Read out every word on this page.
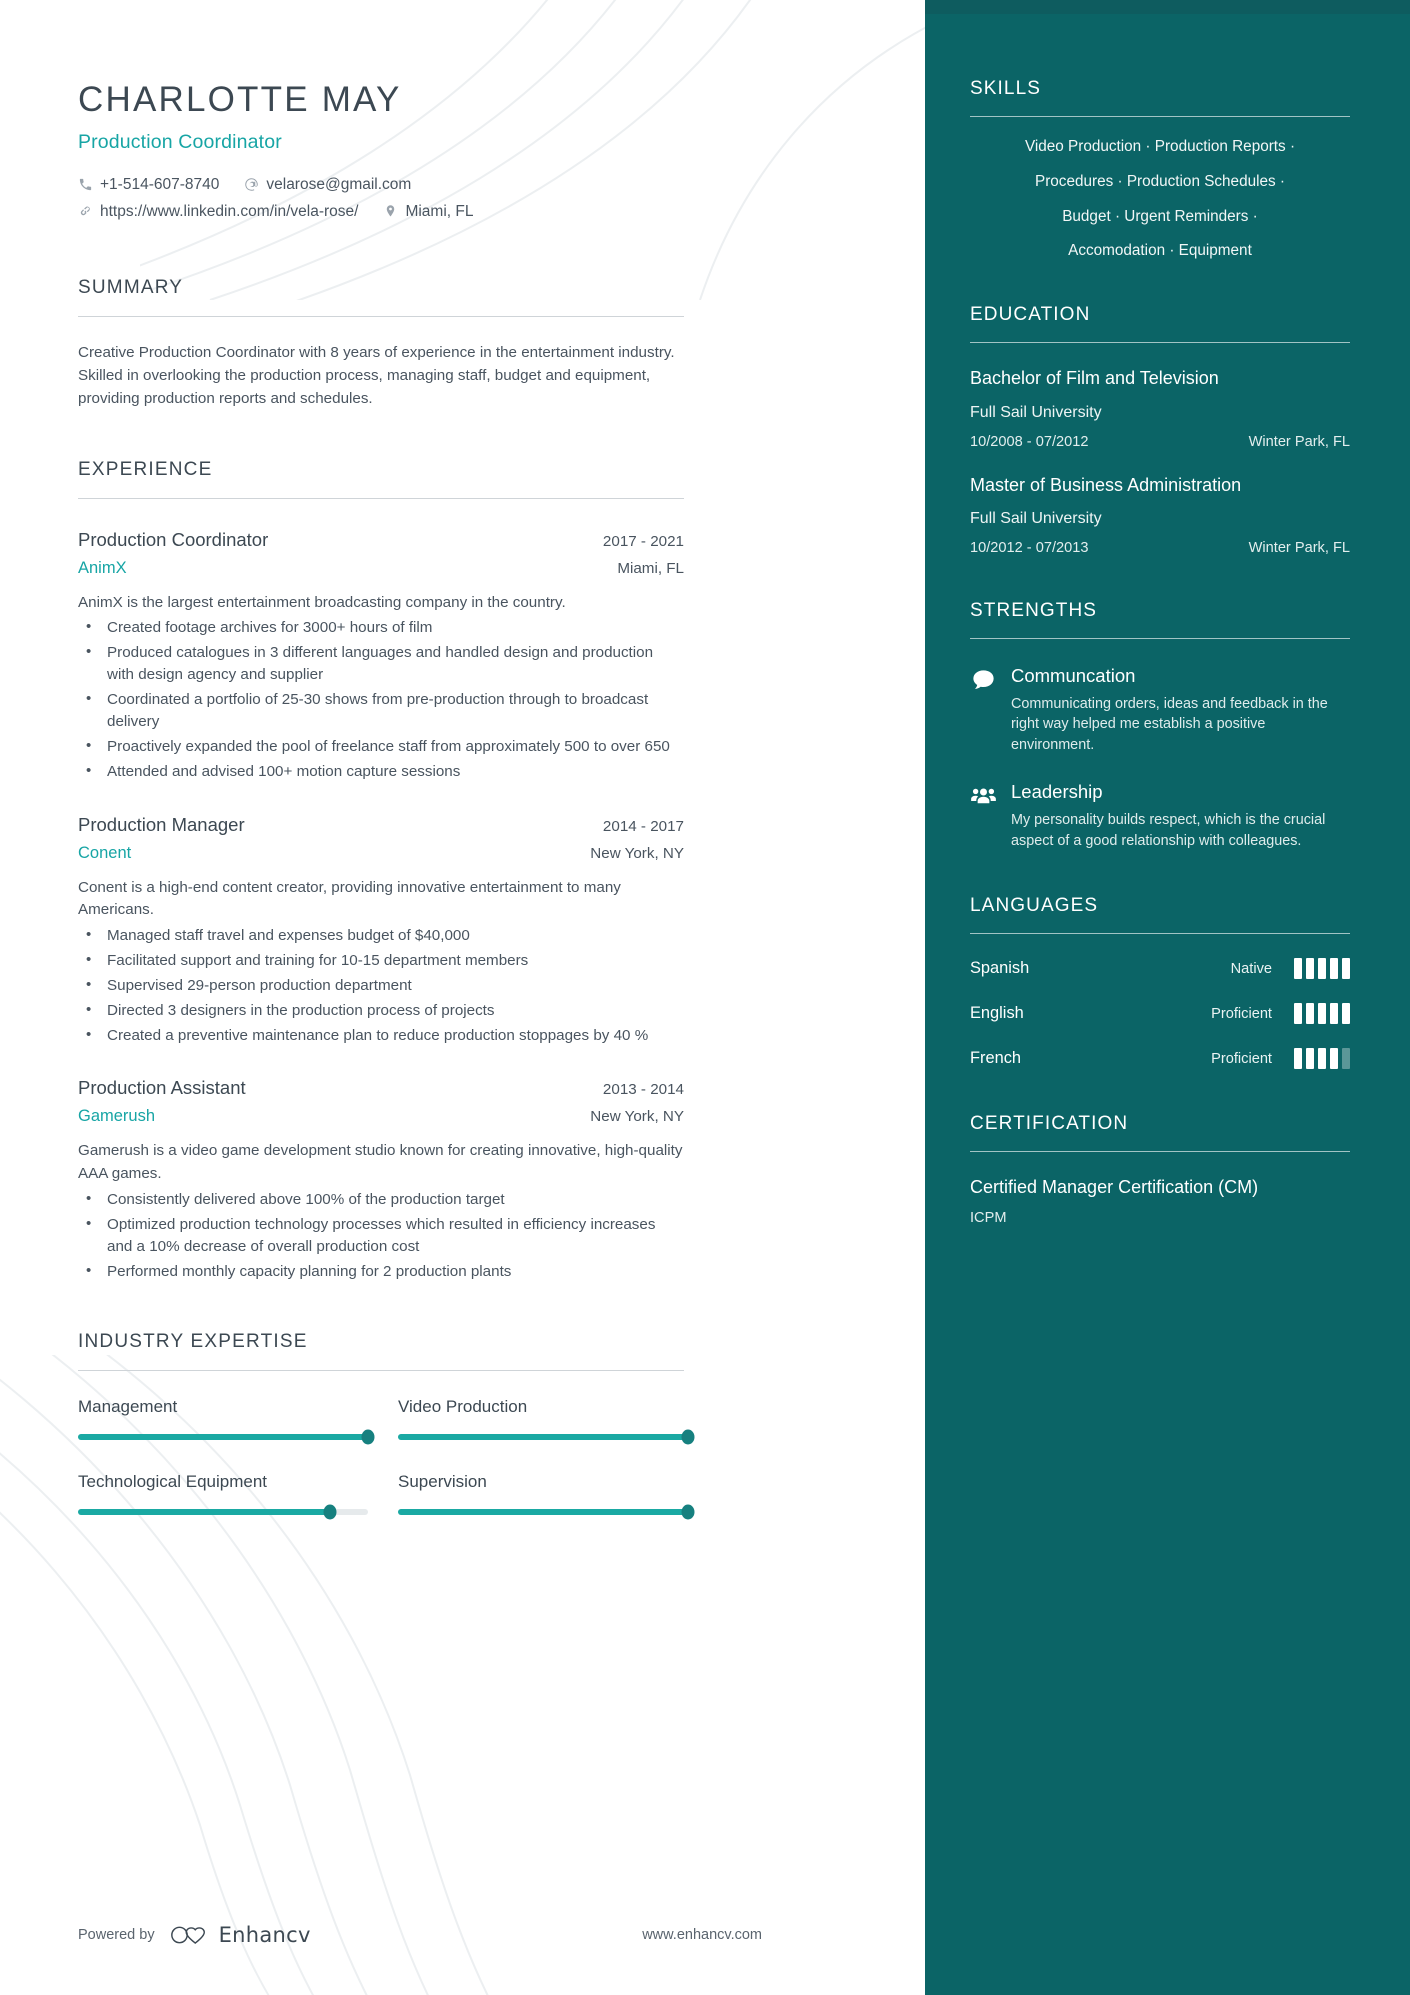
CHARLOTTE MAY
Production Coordinator
+1-514-607-8740	velarose@gmail.com
https://www.linkedin.com/in/vela-rose/	Miami, FL
SUMMARY

Creative Production Coordinator with 8 years of experience in the entertainment industry. Skilled in overlooking the production process, managing staff, budget and equipment, providing production reports and schedules.

EXPERIENCE
Production Coordinator	2017 - 2021
AnimX	Miami, FL
AnimX is the largest entertainment broadcasting company in the country.
• Created footage archives for 3000+ hours of film
• Produced catalogues in 3 different languages and handled design and production with design agency and supplier
• Coordinated a portfolio of 25-30 shows from pre-production through to broadcast delivery
• Proactively expanded the pool of freelance staff from approximately 500 to over 650
• Attended and advised 100+ motion capture sessions
Production Manager	2014 - 2017
Conent	New York, NY
Conent is a high-end content creator, providing innovative entertainment to many Americans.
• Managed staff travel and expenses budget of $40,000
• Facilitated support and training for 10-15 department members
• Supervised 29-person production department
• Directed 3 designers in the production process of projects
• Created a preventive maintenance plan to reduce production stoppages by 40 %
Production Assistant	2013 - 2014
Gamerush	New York, NY
Gamerush is a video game development studio known for creating innovative, high-quality AAA games.
• Consistently delivered above 100% of the production target
• Optimized production technology processes which resulted in efficiency increases and a 10% decrease of overall production cost
• Performed monthly capacity planning for 2 production plants
INDUSTRY EXPERTISE
Management	Video Production
Technological Equipment	Supervision
Powered by	Enhancv	www.enhancv.com
SKILLS
Video Production · Production Reports ·
Procedures · Production Schedules ·
Budget · Urgent Reminders ·
Accomodation · Equipment
EDUCATION
Bachelor of Film and Television
Full Sail University
10/2008 - 07/2012	Winter Park, FL
Master of Business Administration
Full Sail University
10/2012 - 07/2013	Winter Park, FL
STRENGTHS
Communcation
Communicating orders, ideas and feedback in the right way helped me establish a positive environment.
Leadership
My personality builds respect, which is the crucial aspect of a good relationship with colleagues.
LANGUAGES
Spanish	Native
English	Proficient
French	Proficient
CERTIFICATION
Certified Manager Certification (CM)
ICPM
